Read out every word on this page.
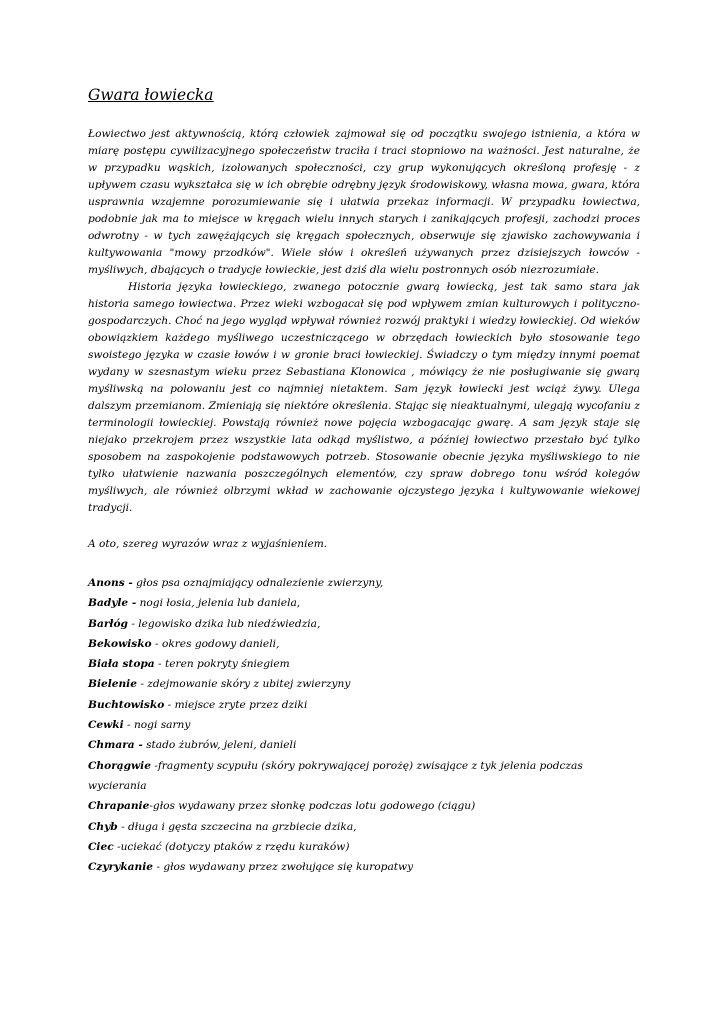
Gwara łowiecka

Łowiectwo jest aktywnością, którą człowiek zajmował się od początku swojego istnienia, a która w miarę postępu cywilizacyjnego społeczeństw traciła i traci stopniowo na ważności. Jest naturalne, że w przypadku wąskich, izolowanych społeczności, czy grup wykonujących określoną profesję - z upływem czasu wykształca się w ich obrębie odrębny język środowiskowy, własna mowa, gwara, która usprawnia wzajemne porozumiewanie się i ułatwia przekaz informacji. W przypadku łowiectwa, podobnie jak ma to miejsce w kręgach wielu innych starych i zanikających profesji, zachodzi proces odwrotny - w tych zawężających się kręgach społecznych, obserwuje się zjawisko zachowywania i kultywowania "mowy przodków". Wiele słów i określeń używanych przez dzisiejszych łowców - myśliwych, dbających o tradycje łowieckie, jest dziś dla wielu postronnych osób niezrozumiałe.

Historia języka łowieckiego, zwanego potocznie gwarą łowiecką, jest tak samo stara jak historia samego łowiectwa. Przez wieki wzbogacał się pod wpływem zmian kulturowych i polityczno-gospodarczych. Choć na jego wygląd wpływał również rozwój praktyki i wiedzy łowieckiej. Od wieków obowiązkiem każdego myśliwego uczestniczącego w obrzędach łowieckich było stosowanie tego swoistego języka w czasie łowów i w gronie braci łowieckiej. Świadczy o tym między innymi poemat wydany w szesnastym wieku przez Sebastiana Klonowica , mówiący że nie posługiwanie się gwarą myśliwską na polowaniu jest co najmniej nietaktem. Sam język łowiecki jest wciąż żywy. Ulega dalszym przemianom. Zmieniają się niektóre określenia. Stając się nieaktualnymi, ulegają wycofaniu z terminologii łowieckiej. Powstają również nowe pojęcia wzbogacając gwarę. A sam język staje się niejako przekrojem przez wszystkie lata odkąd myślistwo, a później łowiectwo przestało być tylko sposobem na zaspokojenie podstawowych potrzeb. Stosowanie obecnie języka myśliwskiego to nie tylko ułatwienie nazwania poszczególnych elementów, czy spraw dobrego tonu wśród kolegów myśliwych, ale również olbrzymi wkład w zachowanie ojczystego języka i kultywowanie wiekowej tradycji.

A oto, szereg wyrazów wraz z wyjaśnieniem.

Anons - głos psa oznajmiający odnalezienie zwierzyny,
Badyle - nogi łosia, jelenia lub daniela,
Barłóg - legowisko dzika lub niedźwiedzia,
Bekowisko - okres godowy danieli,
Biała stopa - teren pokryty śniegiem
Bielenie - zdejmowanie skóry z ubitej zwierzyny
Buchtowisko - miejsce zryte przez dziki
Cewki - nogi sarny
Chmara - stado żubrów, jeleni, danieli
Chorągwie -fragmenty scypułu (skóry pokrywającej porożę) zwisające z tyk jelenia podczas wycierania
Chrapanie-głos wydawany przez słonkę podczas lotu godowego (ciągu)
Chyb - długa i gęsta szczecina na grzbiecie dzika,
Ciec -uciekać (dotyczy ptaków z rzędu kuraków)
Czyrykanie - głos wydawany przez zwołujące się kuropatwy
